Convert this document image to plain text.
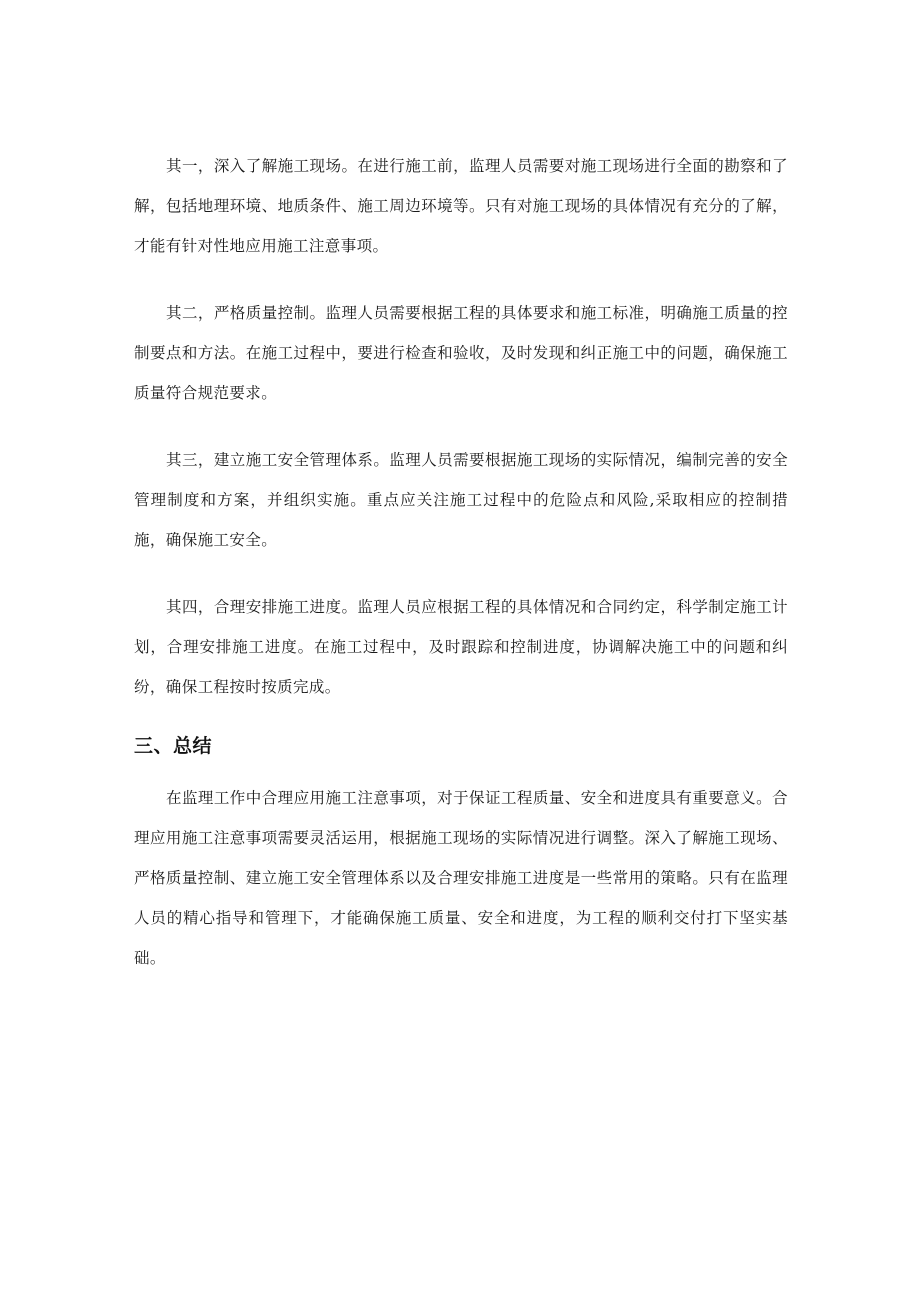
其一，深入了解施工现场。在进行施工前，监理人员需要对施工现场进行全面的勘察和了解，包括地理环境、地质条件、施工周边环境等。只有对施工现场的具体情况有充分的了解，才能有针对性地应用施工注意事项。

其二，严格质量控制。监理人员需要根据工程的具体要求和施工标准，明确施工质量的控制要点和方法。在施工过程中，要进行检查和验收，及时发现和纠正施工中的问题，确保施工质量符合规范要求。

其三，建立施工安全管理体系。监理人员需要根据施工现场的实际情况，编制完善的安全管理制度和方案，并组织实施。重点应关注施工过程中的危险点和风险,采取相应的控制措施，确保施工安全。

其四，合理安排施工进度。监理人员应根据工程的具体情况和合同约定，科学制定施工计划，合理安排施工进度。在施工过程中，及时跟踪和控制进度，协调解决施工中的问题和纠纷，确保工程按时按质完成。

三、总结

在监理工作中合理应用施工注意事项，对于保证工程质量、安全和进度具有重要意义。合理应用施工注意事项需要灵活运用，根据施工现场的实际情况进行调整。深入了解施工现场、严格质量控制、建立施工安全管理体系以及合理安排施工进度是一些常用的策略。只有在监理人员的精心指导和管理下，才能确保施工质量、安全和进度，为工程的顺利交付打下坚实基础。
